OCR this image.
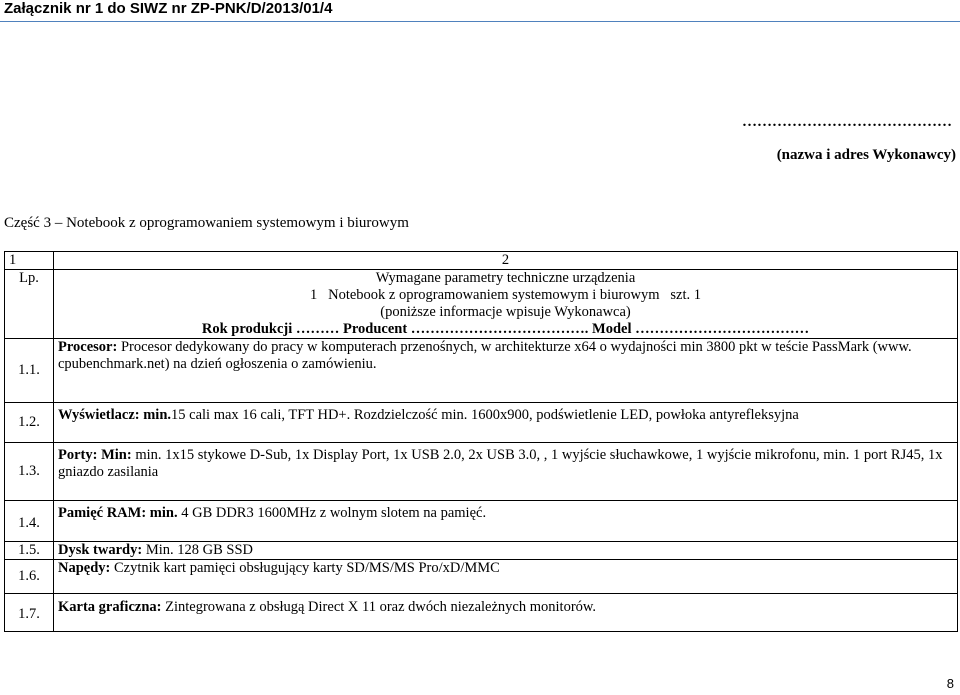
Załącznik nr 1 do SIWZ nr ZP-PNK/D/2013/01/4
……………………………………
(nazwa i adres Wykonawcy)
Część 3 – Notebook z oprogramowaniem systemowym i biurowym
1	2
Lp.	Wymagane parametry techniczne urządzenia
1   Notebook z oprogramowaniem systemowym i biurowym   szt. 1
(poniższe informacje wpisuje Wykonawca)
Rok produkcji ……… Producent ………………………………. Model ………………………………

1.1.	Procesor: Procesor dedykowany do pracy w komputerach przenośnych, w architekturze x64 o wydajności min 3800 pkt w teście PassMark (www. cpubenchmark.net) na dzień ogłoszenia o zamówieniu.
1.2.	Wyświetlacz: min.15 cali max 16 cali, TFT HD+. Rozdzielczość min. 1600x900, podświetlenie LED, powłoka antyrefleksyjna
1.3.	Porty: Min: min. 1x15 stykowe D-Sub, 1x Display Port, 1x USB 2.0, 2x USB 3.0, , 1 wyjście słuchawkowe, 1 wyjście mikrofonu, min. 1 port RJ45, 1x gniazdo zasilania
1.4.	Pamięć RAM: min. 4 GB DDR3 1600MHz z wolnym slotem na pamięć.
1.5.	Dysk twardy: Min. 128 GB SSD
1.6.	Napędy: Czytnik kart pamięci obsługujący karty SD/MS/MS Pro/xD/MMC
1.7.	Karta graficzna: Zintegrowana z obsługą Direct X 11 oraz dwóch niezależnych monitorów.
8
